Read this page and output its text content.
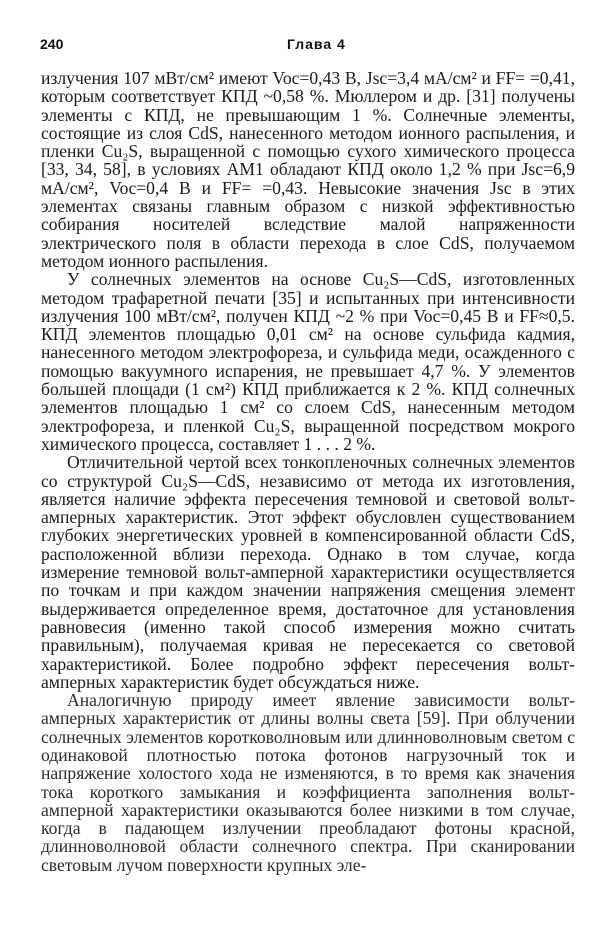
240	Глава 4

излучения 107 мВт/см² имеют Voc=0,43 В, Jsc=3,4 мА/см² и FF= =0,41, которым соответствует КПД ~0,58 %. Мюллером и др. [31] получены элементы с КПД, не превышающим 1 %. Солнечные элементы, состоящие из слоя CdS, нанесенного методом ионного распыления, и пленки Cu₂S, выращенной с помощью сухого химического процесса [33, 34, 58], в условиях АМ1 обладают КПД около 1,2 % при Jsc=6,9 мА/см², Voc=0,4 В и FF= =0,43. Невысокие значения Jsc в этих элементах связаны главным образом с низкой эффективностью собирания носителей вследствие малой напряженности электрического поля в области перехода в слое CdS, получаемом методом ионного распыления.

У солнечных элементов на основе Cu₂S—CdS, изготовленных методом трафаретной печати [35] и испытанных при интенсивности излучения 100 мВт/см², получен КПД ~2 % при Voc=0,45 В и FF≈0,5. КПД элементов площадью 0,01 см² на основе сульфида кадмия, нанесенного методом электрофореза, и сульфида меди, осажденного с помощью вакуумного испарения, не превышает 4,7 %. У элементов большей площади (1 см²) КПД приближается к 2 %. КПД солнечных элементов площадью 1 см² со слоем CdS, нанесенным методом электрофореза, и пленкой Cu₂S, выращенной посредством мокрого химического процесса, составляет 1 . . . 2 %.

Отличительной чертой всех тонкопленочных солнечных элементов со структурой Cu₂S—CdS, независимо от метода их изготовления, является наличие эффекта пересечения темновой и световой вольт-амперных характеристик. Этот эффект обусловлен существованием глубоких энергетических уровней в компенсированной области CdS, расположенной вблизи перехода. Однако в том случае, когда измерение темновой вольт-амперной характеристики осуществляется по точкам и при каждом значении напряжения смещения элемент выдерживается определенное время, достаточное для установления равновесия (именно такой способ измерения можно считать правильным), получаемая кривая не пересекается со световой характеристикой. Более подробно эффект пересечения вольт-амперных характеристик будет обсуждаться ниже.

Аналогичную природу имеет явление зависимости вольт-амперных характеристик от длины волны света [59]. При облучении солнечных элементов коротковолновым или длинноволновым светом с одинаковой плотностью потока фотонов нагрузочный ток и напряжение холостого хода не изменяются, в то время как значения тока короткого замыкания и коэффициента заполнения вольт-амперной характеристики оказываются более низкими в том случае, когда в падающем излучении преобладают фотоны красной, длинноволновой области солнечного спектра. При сканировании световым лучом поверхности крупных эле-
